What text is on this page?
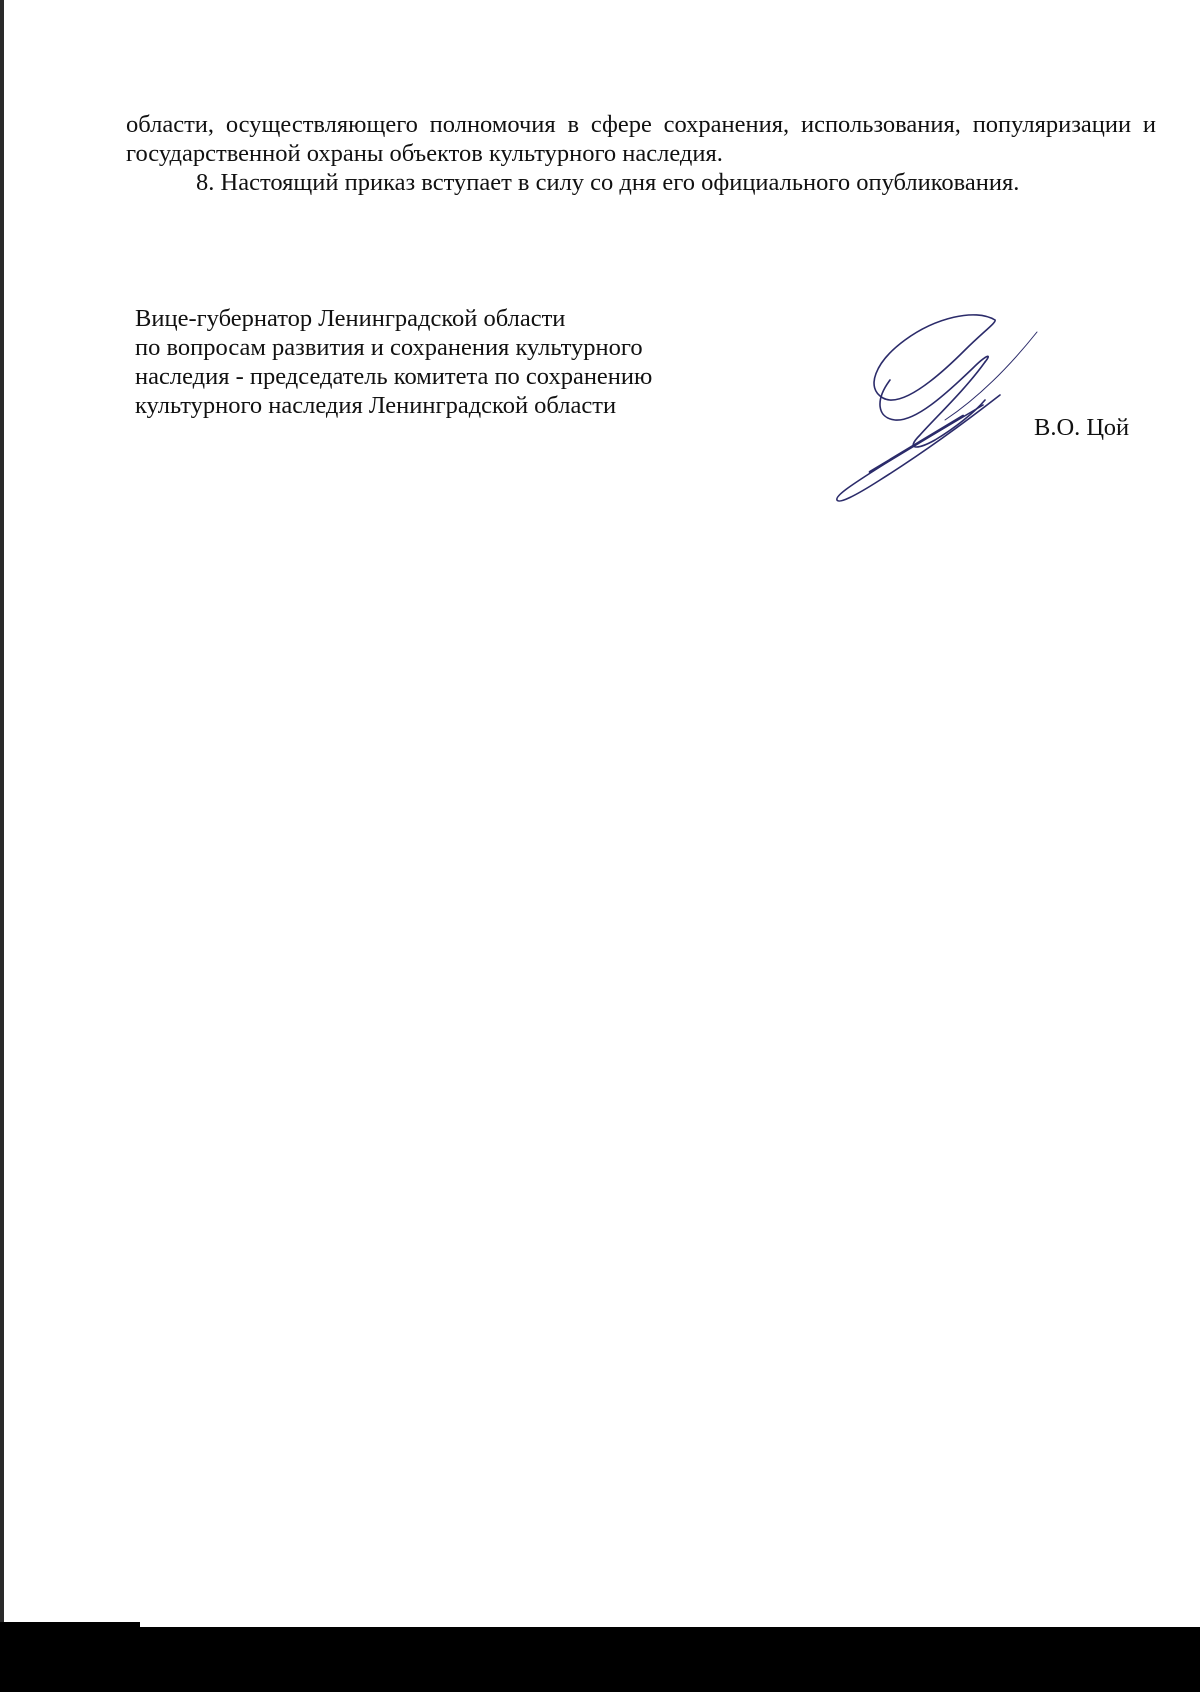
области, осуществляющего полномочия в сфере сохранения, использования, популяризации и государственной охраны объектов культурного наследия.

8. Настоящий приказ вступает в силу со дня его официального опубликования.

Вице-губернатор Ленинградской области
по вопросам развития и сохранения культурного
наследия - председатель комитета по сохранению
культурного наследия Ленинградской области
В.О. Цой
